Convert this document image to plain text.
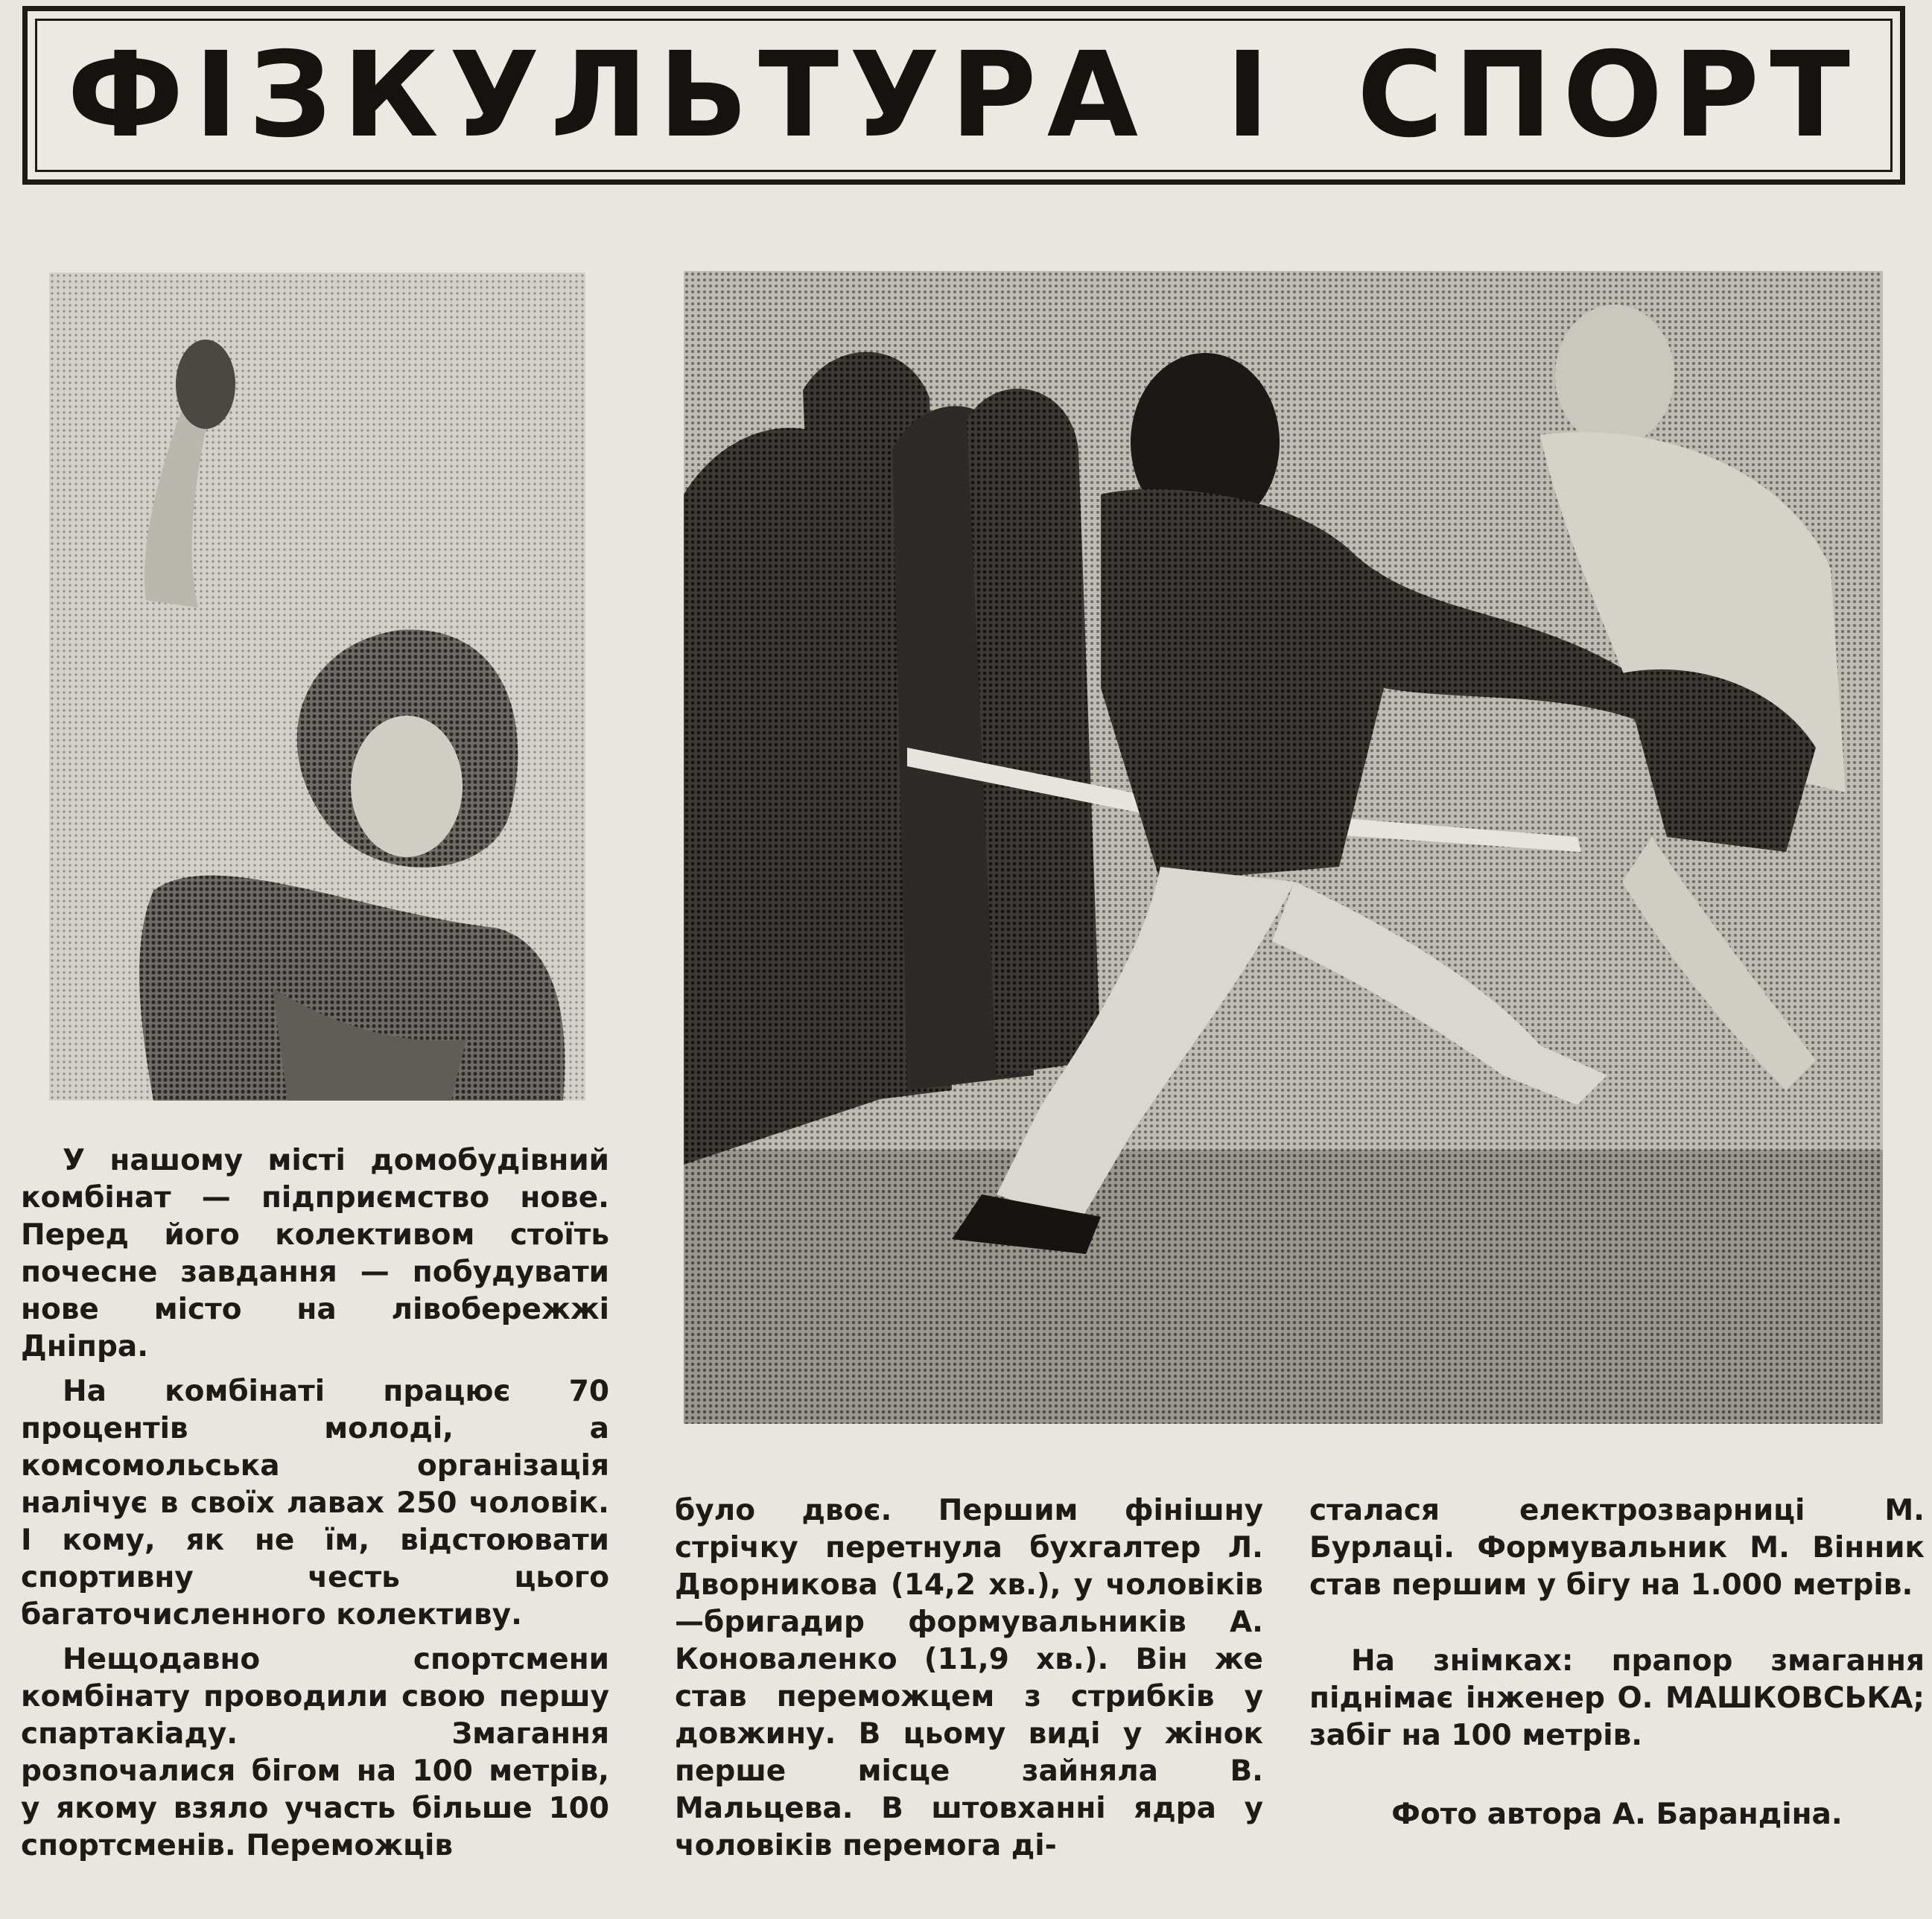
ФІЗКУЛЬТУРА І СПОРТ

У нашому місті домобудівний комбінат — підприємство нове. Перед його колективом стоїть почесне завдання — побудувати нове місто на лівобережжі Дніпра.

На комбінаті працює 70 процентів молоді, а комсомольська організація налічує в своїх лавах 250 чоловік. І кому, як не їм, відстоювати спортивну честь цього багаточисленного колективу.

Нещодавно спортсмени комбінату проводили свою першу спартакіаду. Змагання розпочалися бігом на 100 метрів, у якому взяло участь більше 100 спортсменів. Переможців

було двоє. Першим фінішну стрічку перетнула бухгалтер Л. Дворникова (14,2 хв.), у чоловіків—бригадир формувальників А. Коноваленко (11,9 хв.). Він же став переможцем з стрибків у довжину. В цьому виді у жінок перше місце зайняла В. Мальцева. В штовханні ядра у чоловіків перемога ді-

сталася електрозварниці М. Бурлаці. Формувальник М. Вінник став першим у бігу на 1.000 метрів.

На знімках: прапор змагання піднімає інженер О. МАШКОВСЬКА; забіг на 100 метрів.

Фото автора А. Барандіна.
